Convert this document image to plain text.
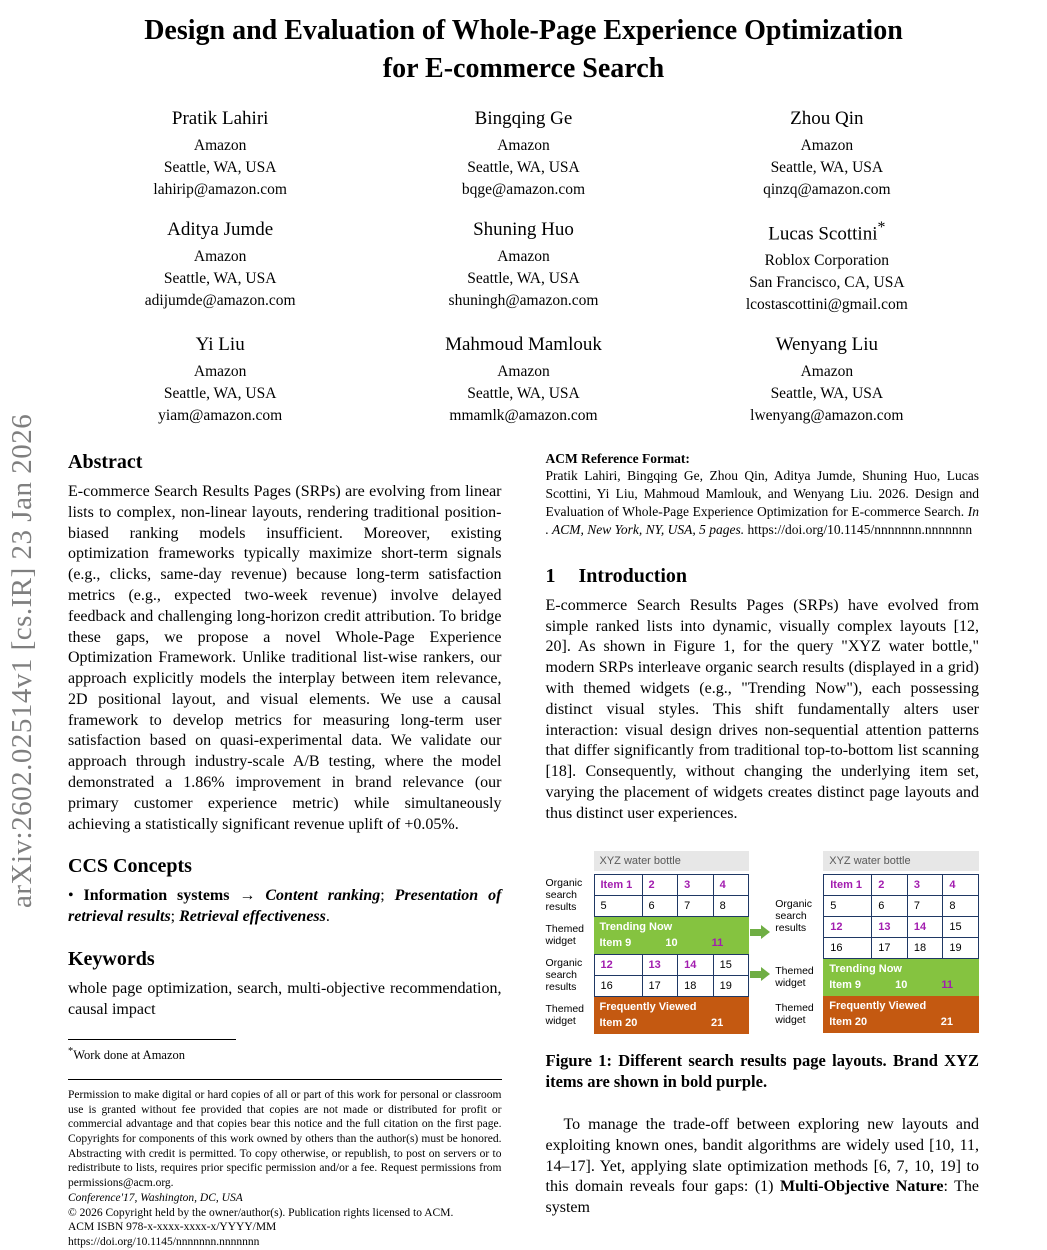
arXiv:2602.02514v1 [cs.IR] 23 Jan 2026
Design and Evaluation of Whole-Page Experience Optimization
for E-commerce Search
Pratik Lahiri
Amazon
Seattle, WA, USA
lahirip@amazon.com
Bingqing Ge
Amazon
Seattle, WA, USA
bqge@amazon.com
Zhou Qin
Amazon
Seattle, WA, USA
qinzq@amazon.com
Aditya Jumde
Amazon
Seattle, WA, USA
adijumde@amazon.com
Shuning Huo
Amazon
Seattle, WA, USA
shuningh@amazon.com
Lucas Scottini*
Roblox Corporation
San Francisco, CA, USA
lcostascottini@gmail.com
Yi Liu
Amazon
Seattle, WA, USA
yiam@amazon.com
Mahmoud Mamlouk
Amazon
Seattle, WA, USA
mmamlk@amazon.com
Wenyang Liu
Amazon
Seattle, WA, USA
lwenyang@amazon.com
Abstract

E-commerce Search Results Pages (SRPs) are evolving from linear lists to complex, non-linear layouts, rendering traditional position-biased ranking models insufficient. Moreover, existing optimization frameworks typically maximize short-term signals (e.g., clicks, same-day revenue) because long-term satisfaction metrics (e.g., expected two-week revenue) involve delayed feedback and challenging long-horizon credit attribution. To bridge these gaps, we propose a novel Whole-Page Experience Optimization Framework. Unlike traditional list-wise rankers, our approach explicitly models the interplay between item relevance, 2D positional layout, and visual elements. We use a causal framework to develop metrics for measuring long-term user satisfaction based on quasi-experimental data. We validate our approach through industry-scale A/B testing, where the model demonstrated a 1.86% improvement in brand relevance (our primary customer experience metric) while simultaneously achieving a statistically significant revenue uplift of +0.05%.

CCS Concepts

• Information systems → Content ranking; Presentation of retrieval results; Retrieval effectiveness.

Keywords

whole page optimization, search, multi-objective recommendation, causal impact

*Work done at Amazon

Permission to make digital or hard copies of all or part of this work for personal or classroom use is granted without fee provided that copies are not made or distributed for profit or commercial advantage and that copies bear this notice and the full citation on the first page. Copyrights for components of this work owned by others than the author(s) must be honored. Abstracting with credit is permitted. To copy otherwise, or republish, to post on servers or to redistribute to lists, requires prior specific permission and/or a fee. Request permissions from permissions@acm.org.

Conference'17, Washington, DC, USA

© 2026 Copyright held by the owner/author(s). Publication rights licensed to ACM.

ACM ISBN 978-x-xxxx-xxxx-x/YYYY/MM

https://doi.org/10.1145/nnnnnnn.nnnnnnn

ACM Reference Format:

Pratik Lahiri, Bingqing Ge, Zhou Qin, Aditya Jumde, Shuning Huo, Lucas Scottini, Yi Liu, Mahmoud Mamlouk, and Wenyang Liu. 2026. Design and Evaluation of Whole-Page Experience Optimization for E-commerce Search. In . ACM, New York, NY, USA, 5 pages. https://doi.org/10.1145/nnnnnnn.nnnnnnn

1 Introduction

E-commerce Search Results Pages (SRPs) have evolved from simple ranked lists into dynamic, visually complex layouts [12, 20]. As shown in Figure 1, for the query "XYZ water bottle," modern SRPs interleave organic search results (displayed in a grid) with themed widgets (e.g., "Trending Now"), each possessing distinct visual styles. This shift fundamentally alters user interaction: visual design drives non-sequential attention patterns that differ significantly from traditional top-to-bottom list scanning [18]. Consequently, without changing the underlying item set, varying the placement of widgets creates distinct page layouts and thus distinct user experiences.

XYZ water bottle
Organic search results
Item 1	2	3	4
5	6	7	8
Themed widget
Trending Now
Item 9	10	11
Organic search results
12	13	14	15
16	17	18	19
Themed widget
Frequently Viewed
Item 20	21
XYZ water bottle
Organic search results
Item 1	2	3	4
5	6	7	8
12	13	14	15
16	17	18	19
Themed widget
Trending Now
Item 9	10	11
Themed widget
Frequently Viewed
Item 20	21

Figure 1: Different search results page layouts. Brand XYZ items are shown in bold purple.

To manage the trade-off between exploring new layouts and exploiting known ones, bandit algorithms are widely used [10, 11, 14–17]. Yet, applying slate optimization methods [6, 7, 10, 19] to this domain reveals four gaps: (1) Multi-Objective Nature: The system
